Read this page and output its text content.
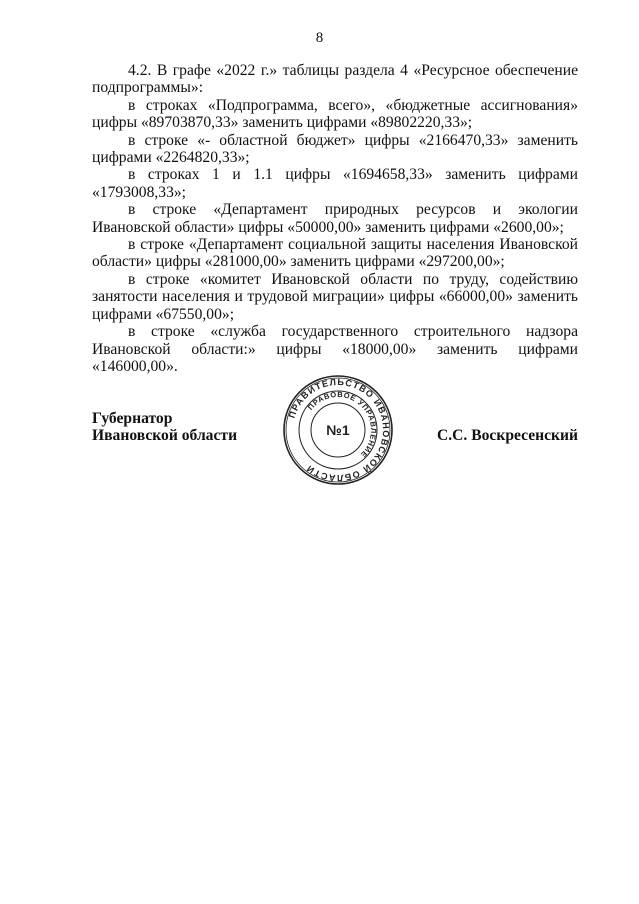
8

4.2. В графе «2022 г.» таблицы раздела 4 «Ресурсное обеспечение подпрограммы»:

в строках «Подпрограмма, всего», «бюджетные ассигнования» цифры «89703870,33» заменить цифрами «89802220,33»;

в строке «- областной бюджет» цифры «2166470,33» заменить цифрами «2264820,33»;

в строках 1 и 1.1 цифры «1694658,33» заменить цифрами «1793008,33»;

в строке «Департамент природных ресурсов и экологии Ивановской области» цифры «50000,00» заменить цифрами «2600,00»;

в строке «Департамент социальной защиты населения Ивановской области» цифры «281000,00» заменить цифрами «297200,00»;

в строке «комитет Ивановской области по труду, содействию занятости населения и трудовой миграции» цифры «66000,00» заменить цифрами «67550,00»;

в строке «служба государственного строительного надзора Ивановской области:» цифры «18000,00» заменить цифрами «146000,00».

Губернатор
Ивановской области
ПРАВИТЕЛЬСТВО ИВАНОВСКОЙ ОБЛАСТИ
ПРАВОВОЕ УПРАВЛЕНИЕ
№1	С.С. Воскресенский
